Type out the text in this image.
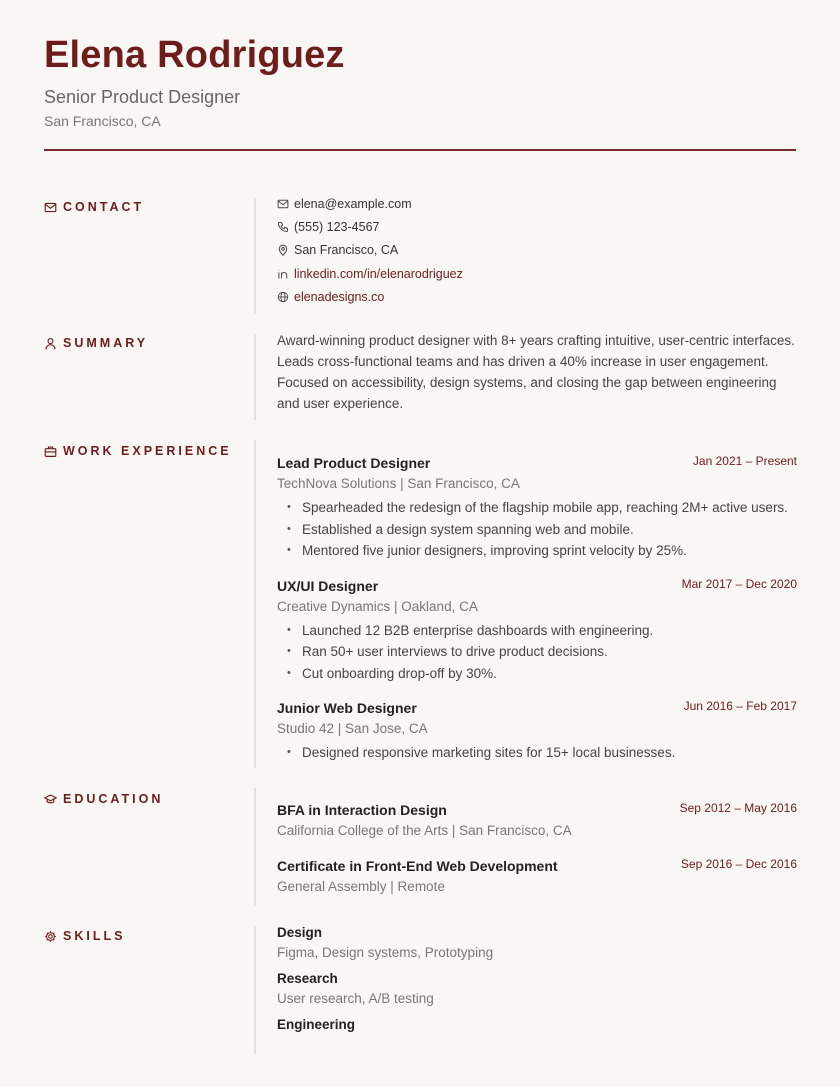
Elena Rodriguez
Senior Product Designer
San Francisco, CA
CONTACT	elena@example.com
(555) 123-4567
San Francisco, CA
linkedin.com/in/elenarodriguez
elenadesigns.co
SUMMARY	Award-winning product designer with 8+ years crafting intuitive, user-centric interfaces. Leads cross-functional teams and has driven a 40% increase in user engagement. Focused on accessibility, design systems, and closing the gap between engineering and user experience.

WORK EXPERIENCE
Lead Product Designer	Jan 2021 – Present
TechNova Solutions | San Francisco, CA
• Spearheaded the redesign of the flagship mobile app, reaching 2M+ active users.
• Established a design system spanning web and mobile.
• Mentored five junior designers, improving sprint velocity by 25%.
UX/UI Designer	Mar 2017 – Dec 2020
Creative Dynamics | Oakland, CA
• Launched 12 B2B enterprise dashboards with engineering.
• Ran 50+ user interviews to drive product decisions.
• Cut onboarding drop-off by 30%.
Junior Web Designer	Jun 2016 – Feb 2017
Studio 42 | San Jose, CA
• Designed responsive marketing sites for 15+ local businesses.
EDUCATION
BFA in Interaction Design	Sep 2012 – May 2016
California College of the Arts | San Francisco, CA
Certificate in Front-End Web Development	Sep 2016 – Dec 2016
General Assembly | Remote
SKILLS	Design
Figma, Design systems, Prototyping
Research
User research, A/B testing
Engineering
